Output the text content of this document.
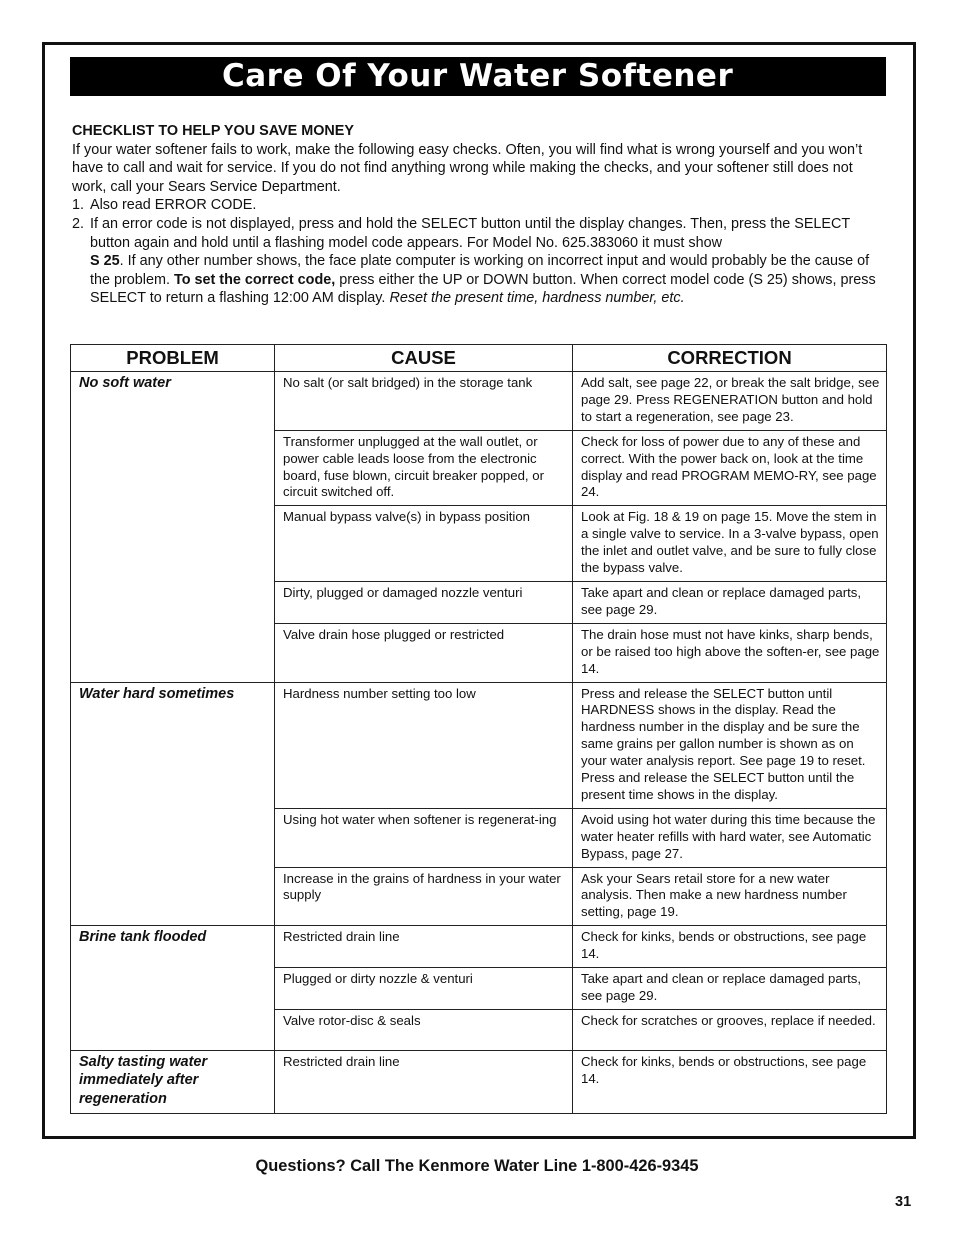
Care Of Your Water Softener
CHECKLIST TO HELP YOU SAVE MONEY

If your water softener fails to work, make the following easy checks. Often, you will find what is wrong yourself and you won’t have to call and wait for service. If you do not find anything wrong while making the checks, and your softener still does not work, call your Sears Service Department.

1. Also read ERROR CODE.
2. If an error code is not displayed, press and hold the SELECT button until the display changes. Then, press the SELECT button again and hold until a flashing model code appears. For Model No. 625.383060 it must show
S 25. If any other number shows, the face plate computer is working on incorrect input and would probably be the cause of the problem. To set the correct code, press either the UP or DOWN button. When correct model code (S 25) shows, press SELECT to return a flashing 12:00 AM display. Reset the present time, hardness number, etc.
PROBLEM	CAUSE	CORRECTION
No soft water	No salt (or salt bridged) in the storage tank	Add salt, see page 22, or break the salt bridge, see page 29. Press REGENERATION button and hold to start a regeneration, see page 23.
	Transformer unplugged at the wall outlet, or power cable leads loose from the electronic board, fuse blown, circuit breaker popped, or circuit switched off.	Check for loss of power due to any of these and correct. With the power back on, look at the time display and read PROGRAM MEMO-RY, see page 24.
	Manual bypass valve(s) in bypass position	Look at Fig. 18 & 19 on page 15. Move the stem in a single valve to service. In a 3-valve bypass, open the inlet and outlet valve, and be sure to fully close the bypass valve.
	Dirty, plugged or damaged nozzle venturi	Take apart and clean or replace damaged parts, see page 29.
	Valve drain hose plugged or restricted	The drain hose must not have kinks, sharp bends, or be raised too high above the soften-er, see page 14.
Water hard sometimes	Hardness number setting too low	Press and release the SELECT button until HARDNESS shows in the display. Read the hardness number in the display and be sure the same grains per gallon number is shown as on your water analysis report. See page 19 to reset. Press and release the SELECT button until the present time shows in the display.
	Using hot water when softener is regenerat-ing	Avoid using hot water during this time because the water heater refills with hard water, see Automatic Bypass, page 27.
	Increase in the grains of hardness in your water supply	Ask your Sears retail store for a new water analysis. Then make a new hardness number setting, page 19.
Brine tank flooded	Restricted drain line	Check for kinks, bends or obstructions, see page 14.
	Plugged or dirty nozzle & venturi	Take apart and clean or replace damaged parts, see page 29.
	Valve rotor-disc & seals	Check for scratches or grooves, replace if needed.
Salty tasting water immediately after regeneration	Restricted drain line	Check for kinks, bends or obstructions, see page 14.
Questions? Call The Kenmore Water Line 1-800-426-9345
31
